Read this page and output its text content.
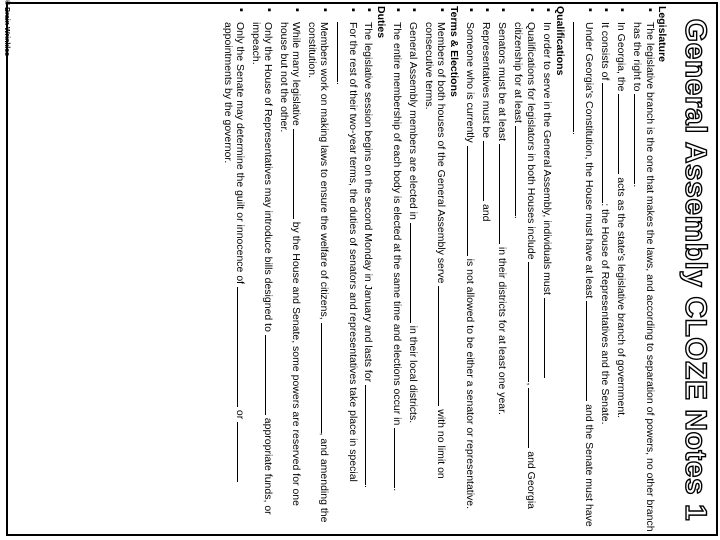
General Assembly CLOZE Notes 1
Legislature
▪
The legislative branch is the one that makes the laws, and according to separation of powers, no other branch has the right to .
▪
In Georgia, the  acts as the state's legislative branch of government.
▪
It consists of : the House of Representatives and the Senate.
▪
Under Georgia's Constitution, the House must have at least  and the Senate must have .
Qualifications
▪
In order to serve in the General Assembly, individuals must
▪
Qualifications for legislators in both Houses include ,  and Georgia citizenship for at least .
▪
Senators must be at least  in their districts for at least one year.
▪
Representatives must be  and
▪
Someone who is currently  is not allowed to be either a senator or representative.
Terms & Elections
▪
Members of both houses of the General Assembly serve  with no limit on consecutive terms.
▪
General Assembly members are elected in  in their local districts.
▪
The entire membership of each body is elected at the same time and elections occur in .
Duties
▪
The legislative session begins on the second Monday in January and lasts for .
▪
For the rest of their two-year terms, the duties of senators and representatives take place in special .
▪
Members work on making laws to ensure the welfare of citizens, , and amending the constitution.
▪
While many legislative  by the House and Senate, some powers are reserved for one house but not the other.
▪
Only the House of Representatives may introduce bills designed to  appropriate funds, or impeach.
▪
Only the Senate may determine the guilt or innocence of  or  appointments by the governor.
© Brain Wrinkles
